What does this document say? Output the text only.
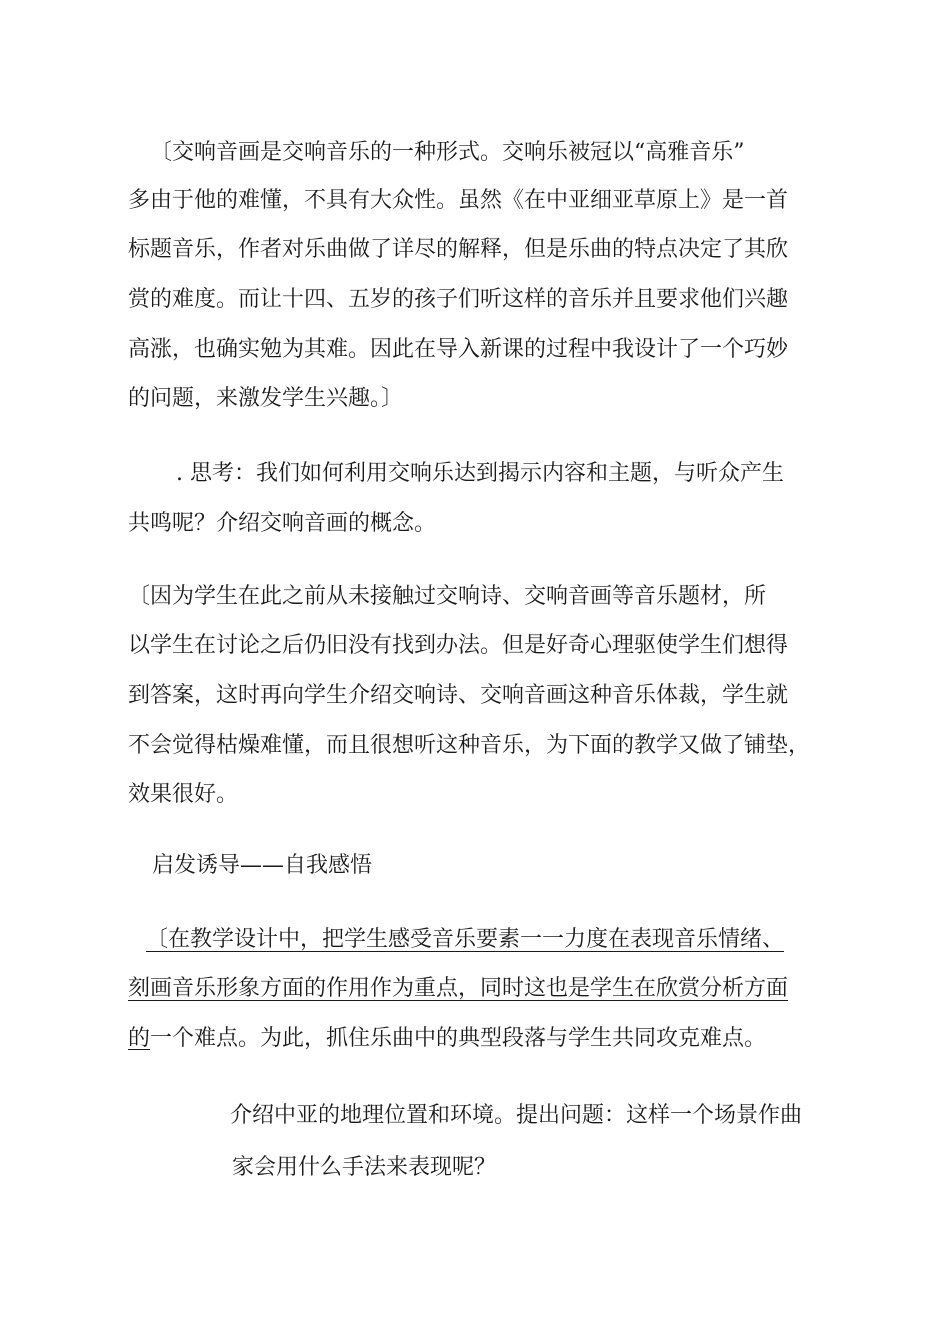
〔交响音画是交响音乐的一种形式。交响乐被冠以“高雅音乐”
多由于他的难懂，不具有大众性。虽然《在中亚细亚草原上》是一首
标题音乐，作者对乐曲做了详尽的解释，但是乐曲的特点决定了其欣
赏的难度。而让十四、五岁的孩子们听这样的音乐并且要求他们兴趣
高涨，也确实勉为其难。因此在导入新课的过程中我设计了一个巧妙
的问题，来激发学生兴趣。〕
. 思考：我们如何利用交响乐达到揭示内容和主题，与听众产生
共鸣呢？介绍交响音画的概念。
〔因为学生在此之前从未接触过交响诗、交响音画等音乐题材，所
以学生在讨论之后仍旧没有找到办法。但是好奇心理驱使学生们想得
到答案，这时再向学生介绍交响诗、交响音画这种音乐体裁，学生就
不会觉得枯燥难懂，而且很想听这种音乐，为下面的教学又做了铺垫，
效果很好。
启发诱导——自我感悟
〔在教学设计中，把学生感受音乐要素一一力度在表现音乐情绪、
刻画音乐形象方面的作用作为重点，同时这也是学生在欣赏分析方面
的一个难点。为此，抓住乐曲中的典型段落与学生共同攻克难点。
介绍中亚的地理位置和环境。提出问题：这样一个场景作曲
家会用什么手法来表现呢？
